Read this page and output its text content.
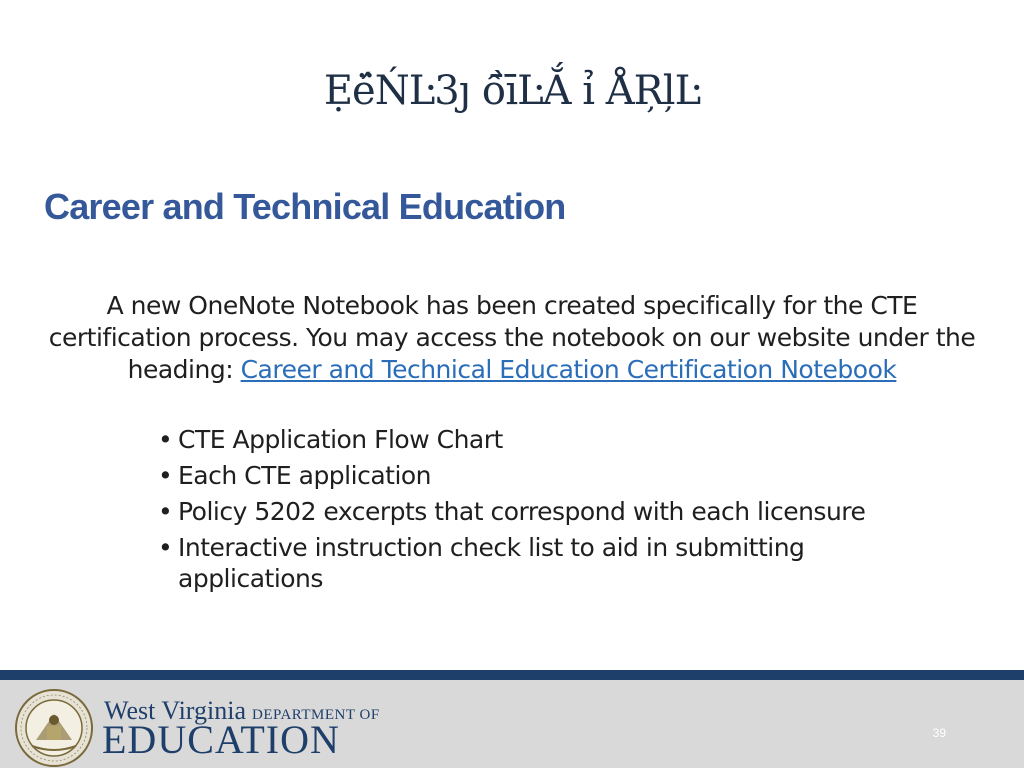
Ẹé̈ŃĿ3ȷ ồ̄īĿẮ ỉ ÅŖļĿ
Career and Technical Education
A new OneNote Notebook has been created specifically for the CTE certification process. You may access the notebook on our website under the heading: Career and Technical Education Certification Notebook
• CTE Application Flow Chart
• Each CTE application
• Policy 5202 excerpts that correspond with each licensure
• Interactive instruction check list to aid in submitting applications
West Virginia DEPARTMENT OF
EDUCATION	39
